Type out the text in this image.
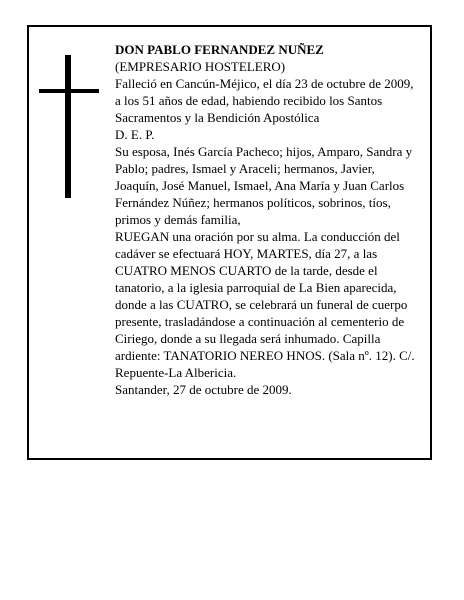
DON PABLO FERNANDEZ NUÑEZ

(EMPRESARIO HOSTELERO)

Falleció en Cancún-Méjico, el día 23 de octubre de 2009,

a los 51 años de edad, habiendo recibido los Santos Sacramentos y la Bendición Apostólica

D. E. P.

Su esposa, Inés García Pacheco; hijos, Amparo, Sandra y Pablo; padres, Ismael y Araceli; hermanos, Javier, Joaquín, José Manuel, Ismael, Ana María y Juan Carlos Fernández Núñez; hermanos políticos, sobrinos, tíos, primos y demás familia,

RUEGAN una oración por su alma. La conducción del cadáver se efectuará HOY, MARTES, día 27, a las CUATRO MENOS CUARTO de la tarde, desde el tanatorio, a la iglesia parroquial de La Bien aparecida, donde a las CUATRO, se celebrará un funeral de cuerpo presente, trasladándose a continuación al cementerio de Ciriego, donde a su llegada será inhumado. Capilla ardiente: TANATORIO NEREO HNOS. (Sala nº. 12). C/. Repuente-La Albericia.

Santander, 27 de octubre de 2009.
